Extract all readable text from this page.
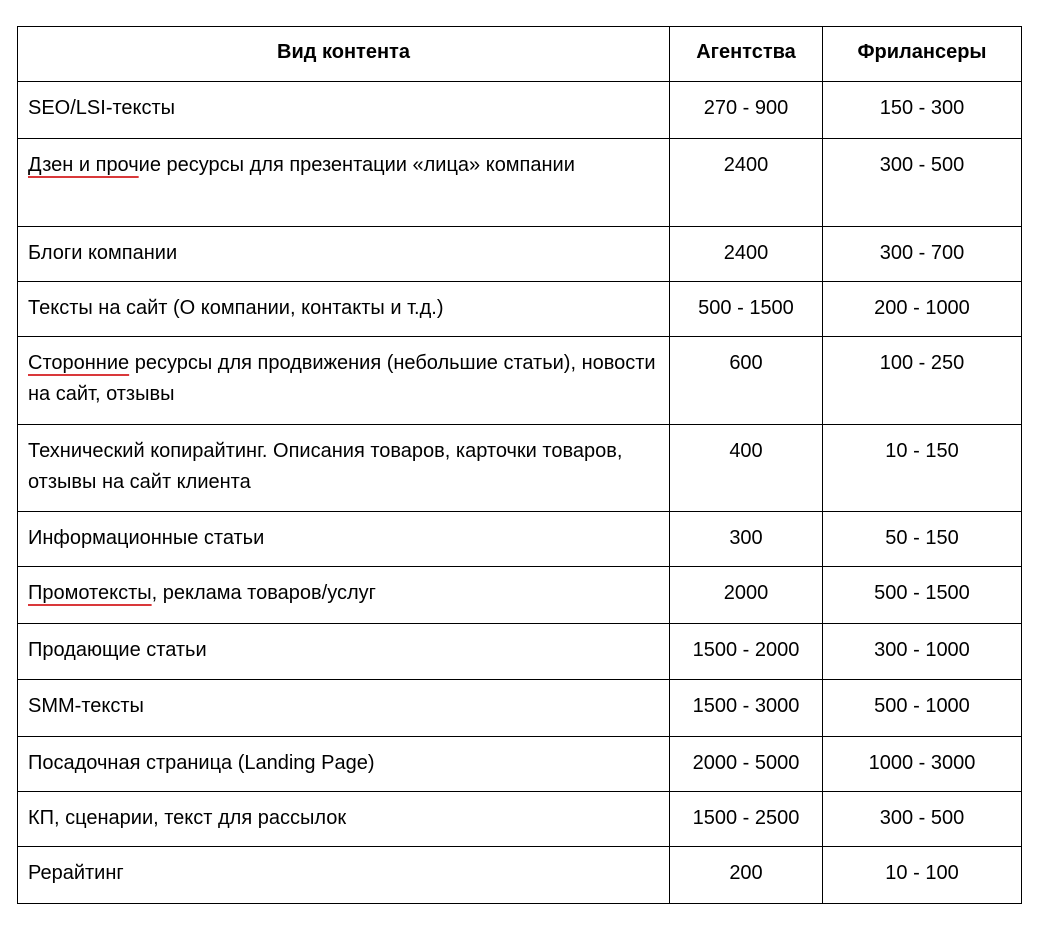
Вид контента	Агентства	Фрилансеры
SEO/LSI-тексты	270 - 900	150 - 300
Дзен и прочие ресурсы для презентации «лица» компании	2400	300 - 500
Блоги компании	2400	300 - 700
Тексты на сайт (О компании, контакты и т.д.)	500 - 1500	200 - 1000
Сторонние ресурсы для продвижения (небольшие статьи), новости на сайт, отзывы	600	100 - 250
Технический копирайтинг. Описания товаров, карточки товаров, отзывы на сайт клиента	400	10 - 150
Информационные статьи	300	50 - 150
Промотексты, реклама товаров/услуг	2000	500 - 1500
Продающие статьи	1500 - 2000	300 - 1000
SMM-тексты	1500 - 3000	500 - 1000
Посадочная страница (Landing Page)	2000 - 5000	1000 - 3000
КП, сценарии, текст для рассылок	1500 - 2500	300 - 500
Рерайтинг	200	10 - 100
